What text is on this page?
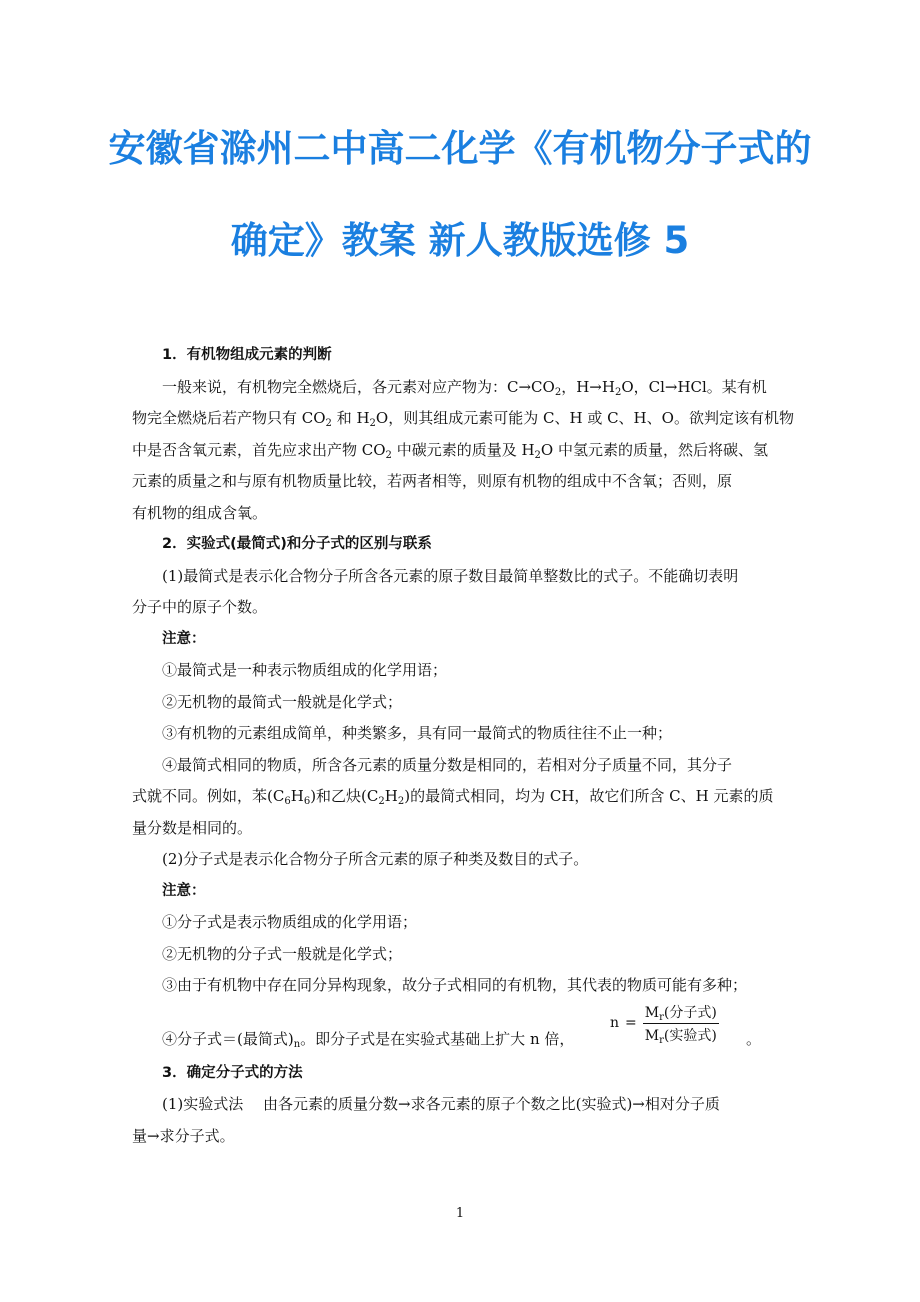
安徽省滁州二中高二化学《有机物分子式的
确定》教案 新人教版选修 5
1．有机物组成元素的判断
一般来说，有机物完全燃烧后，各元素对应产物为：$C\to CO_2$，$H\to H_2O$，Cl→HCl。某有机
物完全燃烧后若产物只有 $CO_2$ 和 $H_2O$，则其组成元素可能为 C、H 或 C、H、O。欲判定该有机物
中是否含氧元素，首先应求出产物 $CO_2$ 中碳元素的质量及 $H_2O$ 中氢元素的质量，然后将碳、氢
元素的质量之和与原有机物质量比较，若两者相等，则原有机物的组成中不含氧；否则，原
有机物的组成含氧。
2．实验式(最简式)和分子式的区别与联系
(1)最简式是表示化合物分子所含各元素的原子数目最简单整数比的式子。不能确切表明
分子中的原子个数。
注意：
①最简式是一种表示物质组成的化学用语；
②无机物的最简式一般就是化学式；
③有机物的元素组成简单，种类繁多，具有同一最简式的物质往往不止一种；
④最简式相同的物质，所含各元素的质量分数是相同的，若相对分子质量不同，其分子
式就不同。例如，苯$(C_6H_6)$和乙炔$(C_2H_2)$的最简式相同，均为 CH，故它们所含 C、H 元素的质
量分数是相同的。
(2)分子式是表示化合物分子所含元素的原子种类及数目的式子。
注意：
①分子式是表示物质组成的化学用语；
②无机物的分子式一般就是化学式；
③由于有机物中存在同分异构现象，故分子式相同的有机物，其代表的物质可能有多种；
④分子式＝(最简式)$_n$。即分子式是在实验式基础上扩大 n 倍，
$n = \frac{M_r(分子式)}{M_r(实验式)}$ 。
3．确定分子式的方法
(1)实验式法　 由各元素的质量分数→求各元素的原子个数之比(实验式)→相对分子质
量→求分子式。
1
